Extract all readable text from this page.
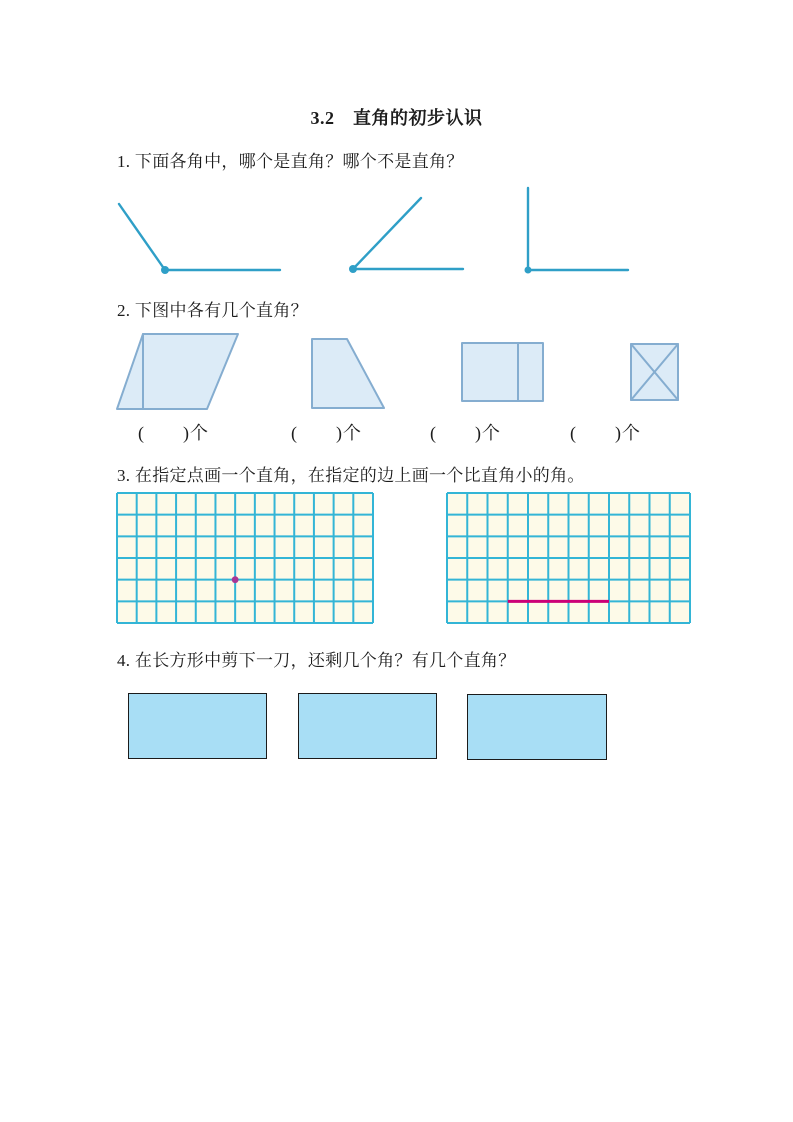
3.2　直角的初步认识
1. 下面各角中，哪个是直角？哪个不是直角？
2. 下图中各有几个直角？
(　　)个	(　　)个	(　　)个	(　　)个
3. 在指定点画一个直角，在指定的边上画一个比直角小的角。
4. 在长方形中剪下一刀，还剩几个角？有几个直角？
